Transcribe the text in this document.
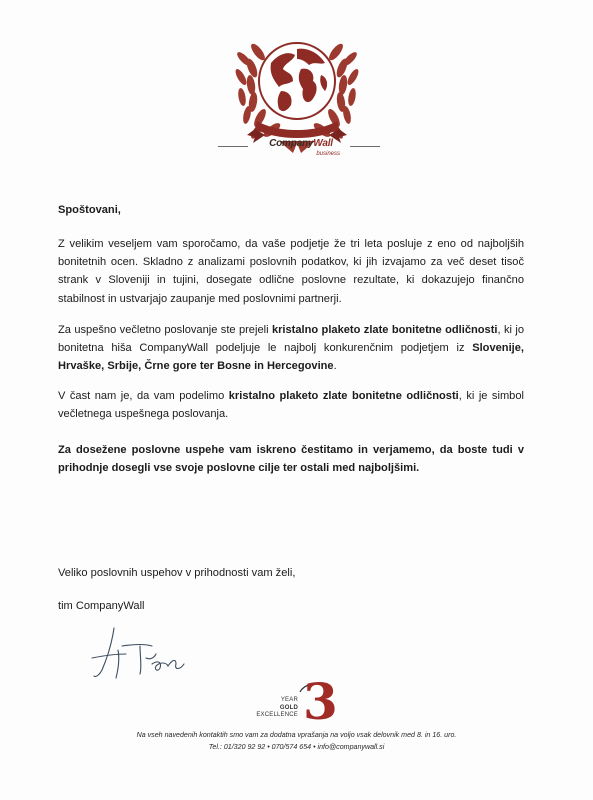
CompanyWall
business
Spoštovani,
Z velikim veseljem vam sporočamo, da vaše podjetje že tri leta posluje z eno od najboljših bonitetnih ocen. Skladno z analizami poslovnih podatkov, ki jih izvajamo za več deset tisoč strank v Sloveniji in tujini, dosegate odlične poslovne rezultate, ki dokazujejo finančno stabilnost in ustvarjajo zaupanje med poslovnimi partnerji.
Za uspešno večletno poslovanje ste prejeli kristalno plaketo zlate bonitetne odličnosti, ki jo bonitetna hiša CompanyWall podeljuje le najbolj konkurenčnim podjetjem iz Slovenije, Hrvaške, Srbije, Črne gore ter Bosne in Hercegovine.
V čast nam je, da vam podelimo kristalno plaketo zlate bonitetne odličnosti, ki je simbol večletnega uspešnega poslovanja.
Za dosežene poslovne uspehe vam iskreno čestitamo in verjamemo, da boste tudi v prihodnje dosegli vse svoje poslovne cilje ter ostali med najboljšimi.
Veliko poslovnih uspehov v prihodnosti vam želi,
tim CompanyWall
3
YEAR
GOLD
EXCELLENCE
Na vseh navedenih kontaktih smo vam za dodatna vprašanja na voljo vsak delovnik med 8. in 16. uro.
Tel.: 01/320 92 92 • 070/574 654 • info@companywall.si
